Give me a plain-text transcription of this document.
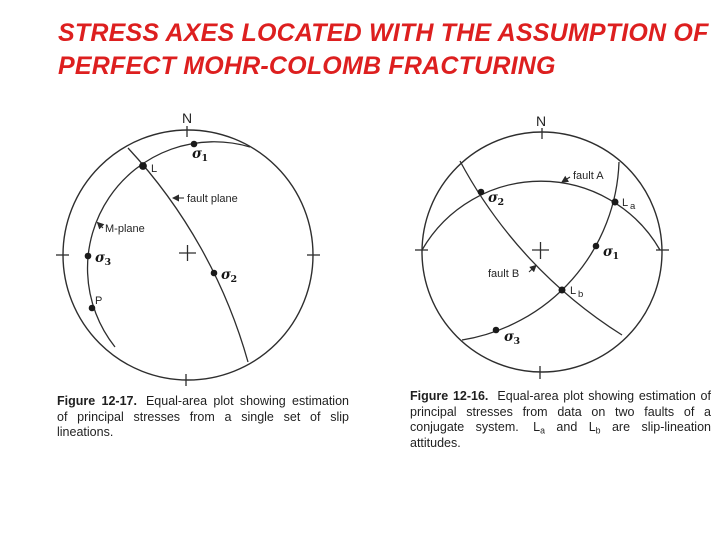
STRESS AXES LOCATED WITH THE ASSUMPTION OF
PERFECT MOHR-COLOMB FRACTURING
N
σ 1
L
σ 3
P
σ 2
fault plane
M-plane
N
σ 2	L a
σ 1
L b
σ 3
fault A
fault B
Figure 12-17. Equal-area plot showing estimation of principal stresses from a single set of slip lineations.
Figure 12-16. Equal-area plot showing estimation of principal stresses from data on two faults of a conjugate system. $L_a$ and $L_b$ are slip-lineation attitudes.
